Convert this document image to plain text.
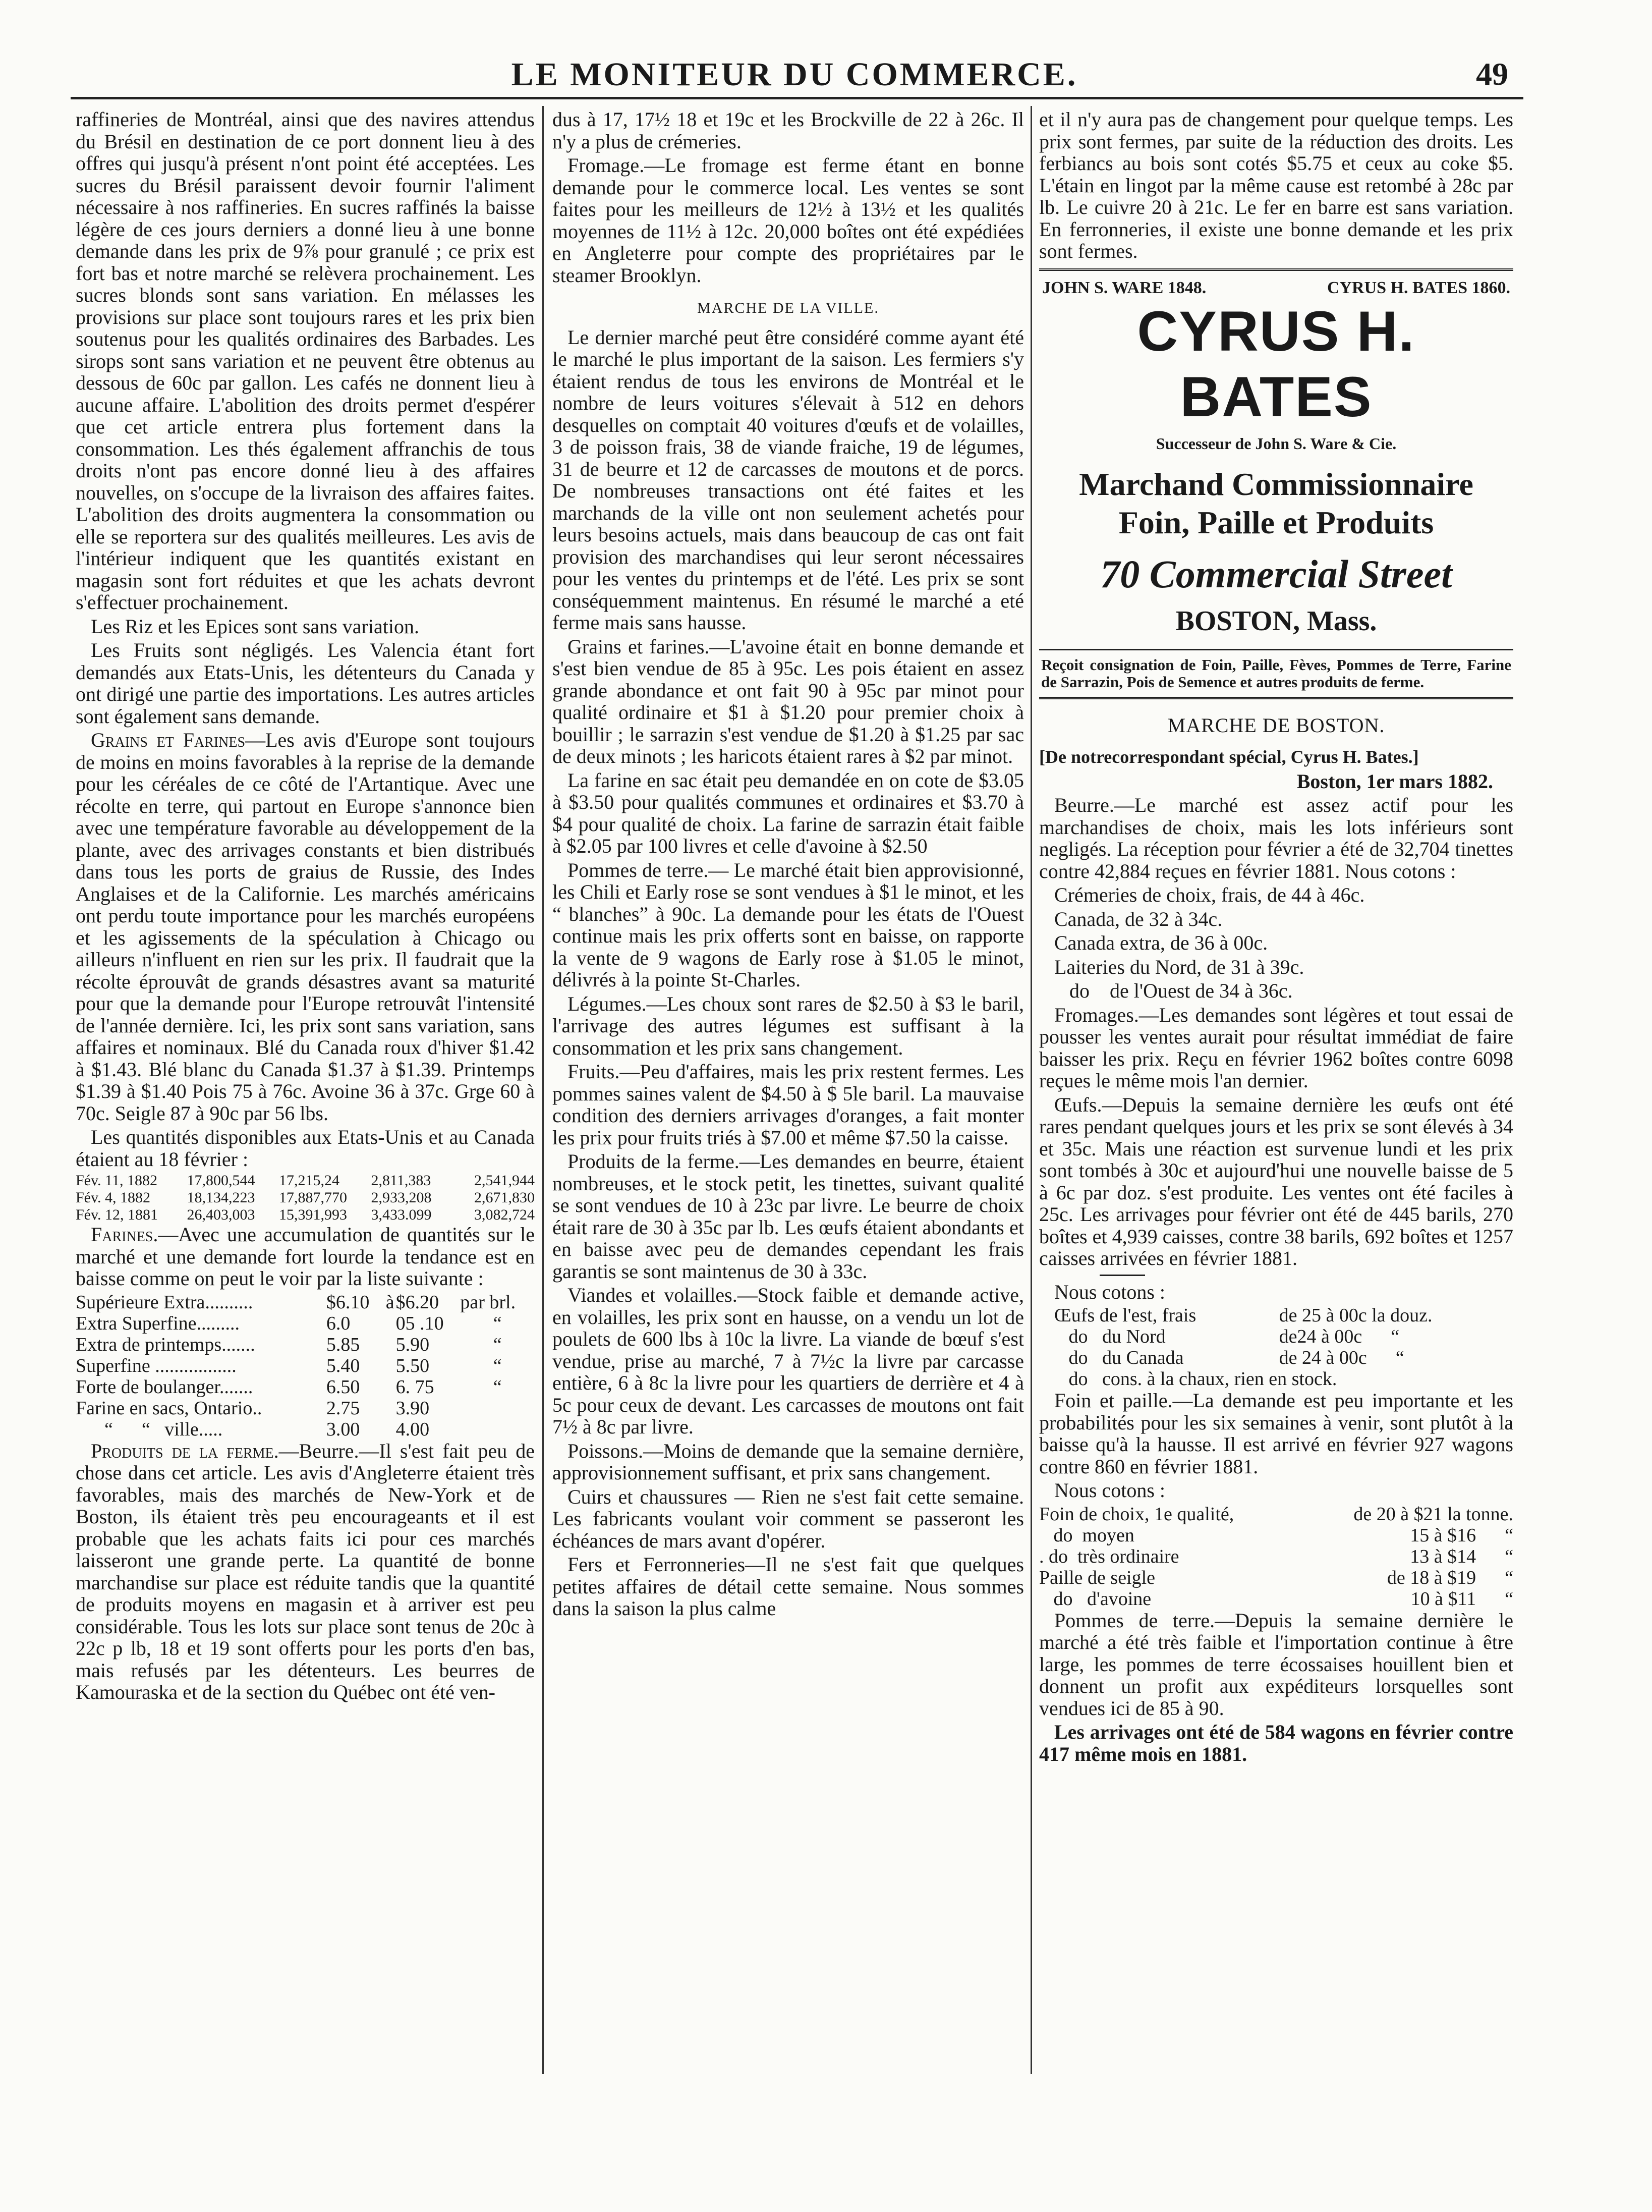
LE MONITEUR DU COMMERCE.	49

raffineries de Montréal, ainsi que des navires attendus du Brésil en destination de ce port donnent lieu à des offres qui jusqu'à présent n'ont point été acceptées. Les sucres du Brésil paraissent devoir fournir l'aliment nécessaire à nos raffineries. En sucres raffinés la baisse légère de ces jours derniers a donné lieu à une bonne demande dans les prix de 9⅞ pour granulé ; ce prix est fort bas et notre marché se relèvera prochainement. Les sucres blonds sont sans variation. En mélasses les provisions sur place sont toujours rares et les prix bien soutenus pour les qualités ordinaires des Barbades. Les sirops sont sans variation et ne peuvent être obtenus au dessous de 60c par gallon. Les cafés ne donnent lieu à aucune affaire. L'abolition des droits permet d'espérer que cet article entrera plus fortement dans la consommation. Les thés également affranchis de tous droits n'ont pas encore donné lieu à des affaires nouvelles, on s'occupe de la livraison des affaires faites. L'abolition des droits augmentera la consommation ou elle se reportera sur des qualités meilleures. Les avis de l'intérieur indiquent que les quantités existant en magasin sont fort réduites et que les achats devront s'effectuer prochainement.

Les Riz et les Epices sont sans variation.

Les Fruits sont négligés. Les Valencia étant fort demandés aux Etats-Unis, les détenteurs du Canada y ont dirigé une partie des importations. Les autres articles sont également sans demande.

Grains et Farines—Les avis d'Europe sont toujours de moins en moins favorables à la reprise de la demande pour les céréales de ce côté de l'Artantique. Avec une récolte en terre, qui partout en Europe s'annonce bien avec une température favorable au développement de la plante, avec des arrivages constants et bien distribués dans tous les ports de graius de Russie, des Indes Anglaises et de la Californie. Les marchés américains ont perdu toute importance pour les marchés européens et les agissements de la spéculation à Chicago ou ailleurs n'influent en rien sur les prix. Il faudrait que la récolte éprouvât de grands désastres avant sa maturité pour que la demande pour l'Europe retrouvât l'intensité de l'année dernière. Ici, les prix sont sans variation, sans affaires et nominaux. Blé du Canada roux d'hiver $1.42 à $1.43. Blé blanc du Canada $1.37 à $1.39. Printemps $1.39 à $1.40 Pois 75 à 76c. Avoine 36 à 37c. Grge 60 à 70c. Seigle 87 à 90c par 56 lbs.

Les quantités disponibles aux Etats-Unis et au Canada étaient au 18 février :

Fév. 11, 1882	17,800,544	17,215,24	2,811,383	2,541,944
Fév. 4, 1882	18,134,223	17,887,770	2,933,208	2,671,830
Fév. 12, 1881	26,403,003	15,391,993	3,433.099	3,082,724

Farines.—Avec une accumulation de quantités sur le marché et une demande fort lourde la tendance est en baisse comme on peut le voir par la liste suivante :

Supérieure Extra..........	$6.10	à	$6.20	par brl.
Extra Superfine.........	6.0		05 .10	“
Extra de printemps.......	5.85		5.90	“
Superfine .................	5.40		5.50	“
Forte de boulanger.......	6.50		6. 75	“
Farine en sacs, Ontario..	2.75		3.90	
“      “   ville.....	3.00		4.00	

Produits de la ferme.—Beurre.—Il s'est fait peu de chose dans cet article. Les avis d'Angleterre étaient très favorables, mais des marchés de New-York et de Boston, ils étaient très peu encourageants et il est probable que les achats faits ici pour ces marchés laisseront une grande perte. La quantité de bonne marchandise sur place est réduite tandis que la quantité de produits moyens en magasin et à arriver est peu considérable. Tous les lots sur place sont tenus de 20c à 22c p lb, 18 et 19 sont offerts pour les ports d'en bas, mais refusés par les détenteurs. Les beurres de Kamouraska et de la section du Québec ont été ven-

dus à 17, 17½ 18 et 19c et les Brockville de 22 à 26c. Il n'y a plus de crémeries.

Fromage.—Le fromage est ferme étant en bonne demande pour le commerce local. Les ventes se sont faites pour les meilleurs de 12½ à 13½ et les qualités moyennes de 11½ à 12c. 20,000 boîtes ont été expédiées en Angleterre pour compte des propriétaires par le steamer Brooklyn.

MARCHE DE LA VILLE.

Le dernier marché peut être considéré comme ayant été le marché le plus important de la saison. Les fermiers s'y étaient rendus de tous les environs de Montréal et le nombre de leurs voitures s'élevait à 512 en dehors desquelles on comptait 40 voitures d'œufs et de volailles, 3 de poisson frais, 38 de viande fraiche, 19 de légumes, 31 de beurre et 12 de carcasses de moutons et de porcs. De nombreuses transactions ont été faites et les marchands de la ville ont non seulement achetés pour leurs besoins actuels, mais dans beaucoup de cas ont fait provision des marchandises qui leur seront nécessaires pour les ventes du printemps et de l'été. Les prix se sont conséquemment maintenus. En résumé le marché a eté ferme mais sans hausse.

Grains et farines.—L'avoine était en bonne demande et s'est bien vendue de 85 à 95c. Les pois étaient en assez grande abondance et ont fait 90 à 95c par minot pour qualité ordinaire et $1 à $1.20 pour premier choix à bouillir ; le sarrazin s'est vendue de $1.20 à $1.25 par sac de deux minots ; les haricots étaient rares à $2 par minot.

La farine en sac était peu demandée en on cote de $3.05 à $3.50 pour qualités communes et ordinaires et $3.70 à $4 pour qualité de choix. La farine de sarrazin était faible à $2.05 par 100 livres et celle d'avoine à $2.50

Pommes de terre.— Le marché était bien approvisionné, les Chili et Early rose se sont vendues à $1 le minot, et les “ blanches” à 90c. La demande pour les états de l'Ouest continue mais les prix offerts sont en baisse, on rapporte la vente de 9 wagons de Early rose à $1.05 le minot, délivrés à la pointe St-Charles.

Légumes.—Les choux sont rares de $2.50 à $3 le baril, l'arrivage des autres légumes est suffisant à la consommation et les prix sans changement.

Fruits.—Peu d'affaires, mais les prix restent fermes. Les pommes saines valent de $4.50 à $ 5le baril. La mauvaise condition des derniers arrivages d'oranges, a fait monter les prix pour fruits triés à $7.00 et même $7.50 la caisse.

Produits de la ferme.—Les demandes en beurre, étaient nombreuses, et le stock petit, les tinettes, suivant qualité se sont vendues de 10 à 23c par livre. Le beurre de choix était rare de 30 à 35c par lb. Les œufs étaient abondants et en baisse avec peu de demandes cependant les frais garantis se sont maintenus de 30 à 33c.

Viandes et volailles.—Stock faible et demande active, en volailles, les prix sont en hausse, on a vendu un lot de poulets de 600 lbs à 10c la livre. La viande de bœuf s'est vendue, prise au marché, 7 à 7½c la livre par carcasse entière, 6 à 8c la livre pour les quartiers de derrière et 4 à 5c pour ceux de devant. Les carcasses de moutons ont fait 7½ à 8c par livre.

Poissons.—Moins de demande que la semaine dernière, approvisionnement suffisant, et prix sans changement.

Cuirs et chaussures — Rien ne s'est fait cette semaine. Les fabricants voulant voir comment se passeront les échéances de mars avant d'opérer.

Fers et Ferronneries—Il ne s'est fait que quelques petites affaires de détail cette semaine. Nous sommes dans la saison la plus calme

et il n'y aura pas de changement pour quelque temps. Les prix sont fermes, par suite de la réduction des droits. Les ferbiancs au bois sont cotés $5.75 et ceux au coke $5. L'étain en lingot par la même cause est retombé à 28c par lb. Le cuivre 20 à 21c. Le fer en barre est sans variation. En ferronneries, il existe une bonne demande et les prix sont fermes.

JOHN S. WARE 1848.	CYRUS H. BATES 1860.
CYRUS H. BATES
Successeur de John S. Ware & Cie.
Marchand Commissionnaire
Foin, Paille et Produits
70 Commercial Street
BOSTON, Mass.
Reçoit consignation de Foin, Paille, Fèves, Pommes de Terre, Farine de Sarrazin, Pois de Semence et autres produits de ferme.
MARCHE DE BOSTON.

[De notrecorrespondant spécial, Cyrus H. Bates.]

Boston, 1er mars 1882.

Beurre.—Le marché est assez actif pour les marchandises de choix, mais les lots inférieurs sont negligés. La réception pour février a été de 32,704 tinettes contre 42,884 reçues en février 1881. Nous cotons :

Crémeries de choix, frais, de 44 à 46c.

Canada, de 32 à 34c.

Canada extra, de 36 à 00c.

Laiteries du Nord, de 31 à 39c.

do    de l'Ouest de 34 à 36c.

Fromages.—Les demandes sont légères et tout essai de pousser les ventes aurait pour résultat immédiat de faire baisser les prix. Reçu en février 1962 boîtes contre 6098 reçues le même mois l'an dernier.

Œufs.—Depuis la semaine dernière les œufs ont été rares pendant quelques jours et les prix se sont élevés à 34 et 35c. Mais une réaction est survenue lundi et les prix sont tombés à 30c et aujourd'hui une nouvelle baisse de 5 à 6c par doz. s'est produite. Les ventes ont été faciles à 25c. Les arrivages pour février ont été de 445 barils, 270 boîtes et 4,939 caisses, contre 38 barils, 692 boîtes et 1257 caisses arrivées en février 1881.

Nous cotons :

Œufs de l'est, frais	de 25 à 00c la douz.
do   du Nord	de24 à 00c      “
do   du Canada	de 24 à 00c      “
do   cons. à la chaux, rien en stock.	

Foin et paille.—La demande est peu importante et les probabilités pour les six semaines à venir, sont plutôt à la baisse qu'à la hausse. Il est arrivé en février 927 wagons contre 860 en février 1881.

Nous cotons :

Foin de choix, 1e qualité,	de 20 à $21 la tonne.
do  moyen	15 à $16      “
. do  très ordinaire	13 à $14      “
Paille de seigle	de 18 à $19      “
do   d'avoine	10 à $11      “

Pommes de terre.—Depuis la semaine dernière le marché a été très faible et l'importation continue à être large, les pommes de terre écossaises houillent bien et donnent un profit aux expéditeurs lorsquelles sont vendues ici de 85 à 90.

Les arrivages ont été de 584 wagons en février contre 417 même mois en 1881.
